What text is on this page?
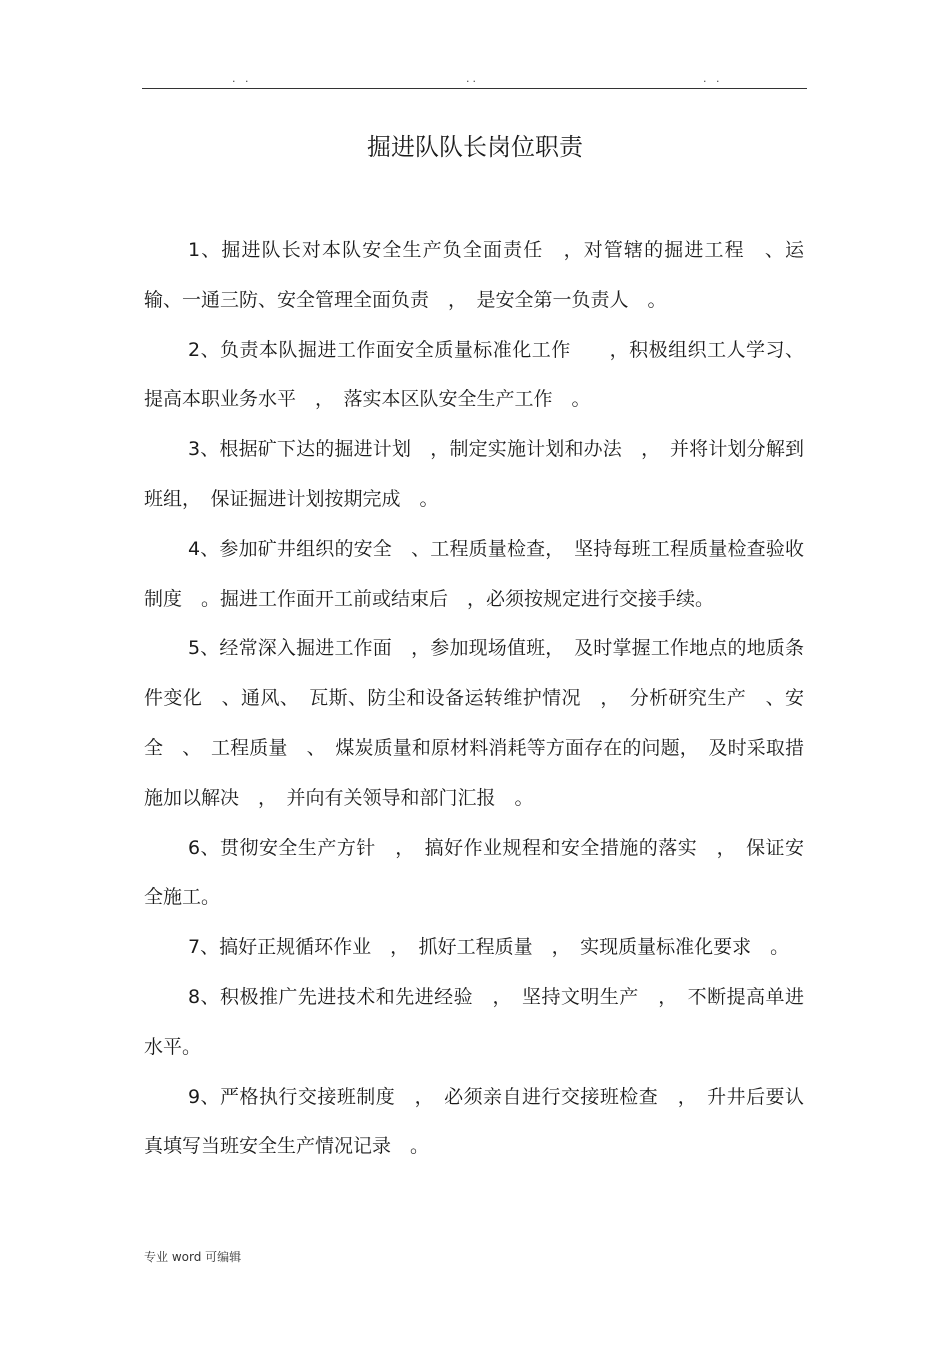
. .	..	. .
掘进队队长岗位职责

1、掘进队长对本队安全生产负全面责任　，对管辖的掘进工程　、运输、一通三防、安全管理全面负责　，　是安全第一负责人　。

2、负责本队掘进工作面安全质量标准化工作　　，积极组织工人学习、提高本职业务水平　，　落实本区队安全生产工作　。

3、根据矿下达的掘进计划　，制定实施计划和办法　，　并将计划分解到班组，　保证掘进计划按期完成　。

4、参加矿井组织的安全　、工程质量检查，　坚持每班工程质量检查验收制度　。掘进工作面开工前或结束后　，必须按规定进行交接手续。

5、经常深入掘进工作面　，参加现场值班，　及时掌握工作地点的地质条件变化　、通风、　瓦斯、防尘和设备运转维护情况　，　分析研究生产　、安全　、　工程质量　、　煤炭质量和原材料消耗等方面存在的问题，　及时采取措施加以解决　，　并向有关领导和部门汇报　。

6、贯彻安全生产方针　，　搞好作业规程和安全措施的落实　，　保证安全施工。

7、搞好正规循环作业　，　抓好工程质量　，　实现质量标准化要求　。

8、积极推广先进技术和先进经验　，　坚持文明生产　，　不断提高单进水平。

9、严格执行交接班制度　，　必须亲自进行交接班检查　，　升井后要认真填写当班安全生产情况记录　。

专业 word 可编辑
